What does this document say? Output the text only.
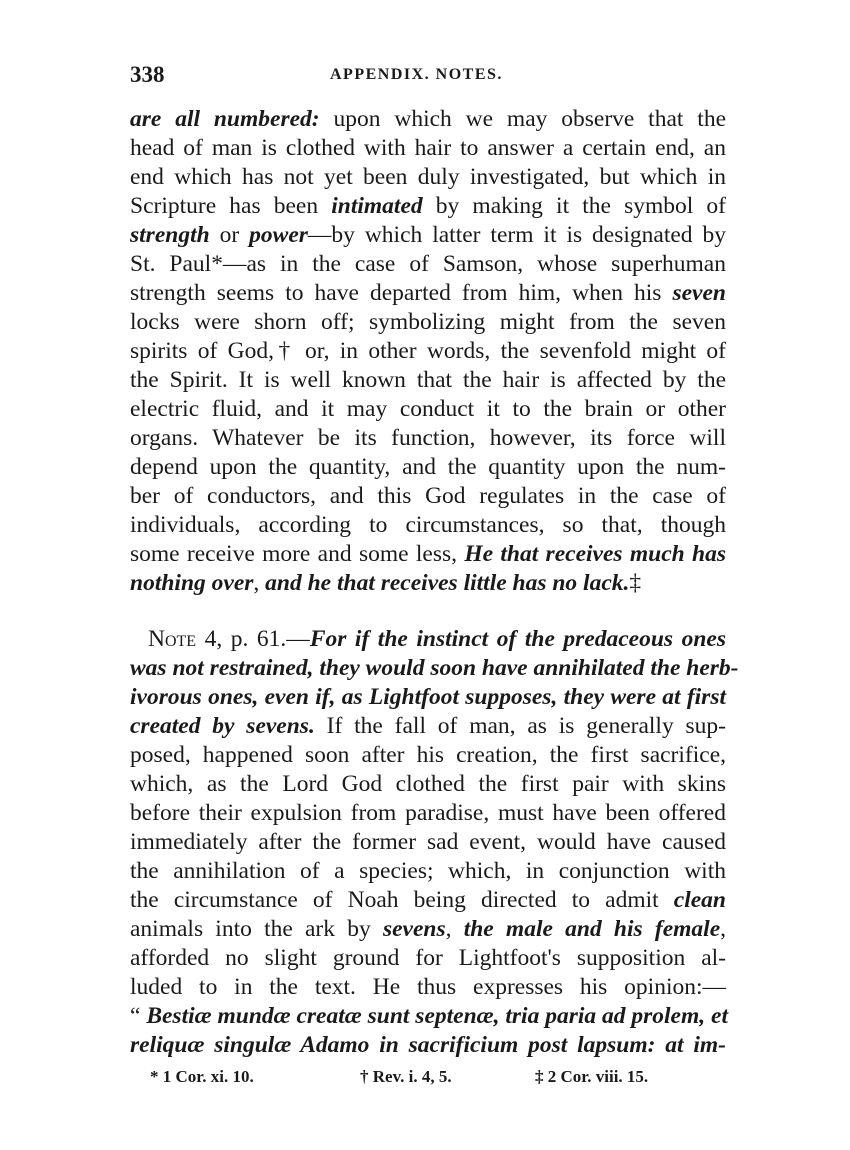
338	APPENDIX. NOTES.
are all numbered: upon which we may observe that the
head of man is clothed with hair to answer a certain end, an
end which has not yet been duly investigated, but which in
Scripture has been intimated by making it the symbol of
strength or power—by which latter term it is designated by
St. Paul*—as in the case of Samson, whose superhuman
strength seems to have departed from him, when his seven
locks were shorn off; symbolizing might from the seven
spirits of God,† or, in other words, the sevenfold might of
the Spirit. It is well known that the hair is affected by the
electric fluid, and it may conduct it to the brain or other
organs. Whatever be its function, however, its force will
depend upon the quantity, and the quantity upon the num-
ber of conductors, and this God regulates in the case of
individuals, according to circumstances, so that, though
some receive more and some less, He that receives much has
nothing over, and he that receives little has no lack.‡
Note 4, p. 61.—For if the instinct of the predaceous ones
was not restrained, they would soon have annihilated the herb-
ivorous ones, even if, as Lightfoot supposes, they were at first
created by sevens. If the fall of man, as is generally sup-
posed, happened soon after his creation, the first sacrifice,
which, as the Lord God clothed the first pair with skins
before their expulsion from paradise, must have been offered
immediately after the former sad event, would have caused
the annihilation of a species; which, in conjunction with
the circumstance of Noah being directed to admit clean
animals into the ark by sevens, the male and his female,
afforded no slight ground for Lightfoot's supposition al-
luded to in the text. He thus expresses his opinion:—
“ Bestiæ mundæ creatæ sunt septenæ, tria paria ad prolem, et
reliquæ singulæ Adamo in sacrificium post lapsum: at im-
* 1 Cor. xi. 10.	† Rev. i. 4, 5.	‡ 2 Cor. viii. 15.
